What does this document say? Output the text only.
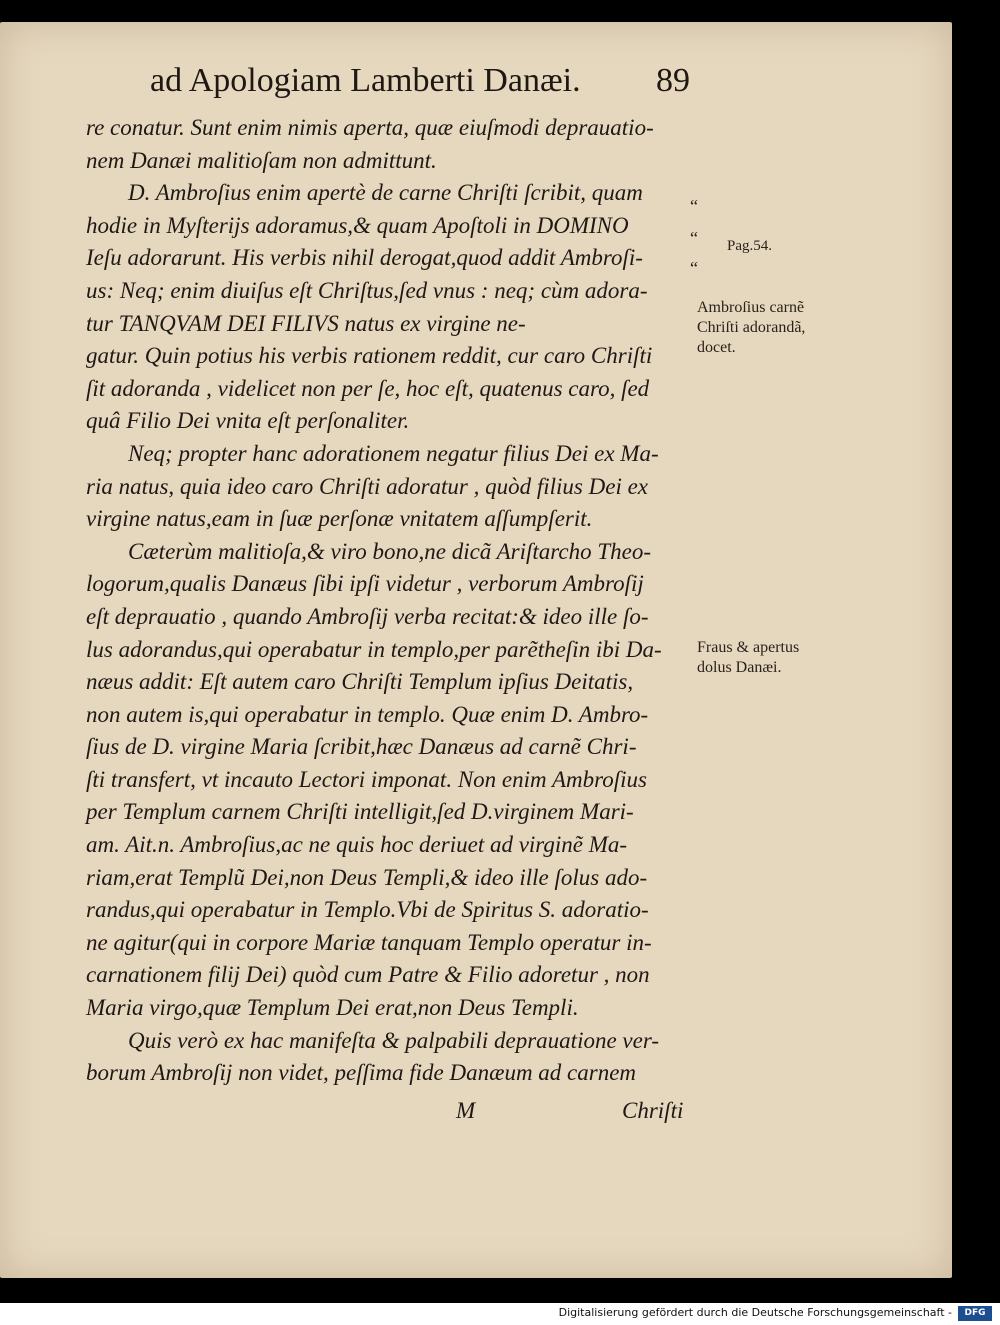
ad Apologiam Lamberti Danæi. 89

re conatur. Sunt enim nimis aperta, quæ eiuſmodi deprauatio-

nem Danæi malitioſam non admittunt.

D. Ambroſius enim apertè de carne Chriſti ſcribit, quam

hodie in Myſterijs adoramus,& quam Apoſtoli in DOMINO

Ieſu adorarunt. His verbis nihil derogat,quod addit Ambroſi-

us: Neq; enim diuiſus eſt Chriſtus,ſed vnus : neq; cùm adora-

tur TANQVAM DEI FILIVS natus ex virgine ne-

gatur. Quin potius his verbis rationem reddit, cur caro Chriſti

ſit adoranda , videlicet non per ſe, hoc eſt, quatenus caro, ſed

quâ Filio Dei vnita eſt perſonaliter.

Neq; propter hanc adorationem negatur filius Dei ex Ma-

ria natus, quia ideo caro Chriſti adoratur , quòd filius Dei ex

virgine natus,eam in ſuæ perſonæ vnitatem aſſumpſerit.

Cæterùm malitioſa,& viro bono,ne dicã Ariſtarcho Theo-

logorum,qualis Danæus ſibi ipſi videtur , verborum Ambroſij

eſt deprauatio , quando Ambroſij verba recitat:& ideo ille ſo-

lus adorandus,qui operabatur in templo,per parẽtheſin ibi Da-

næus addit: Eſt autem caro Chriſti Templum ipſius Deitatis,

non autem is,qui operabatur in templo. Quæ enim D. Ambro-

ſius de D. virgine Maria ſcribit,hæc Danæus ad carnẽ Chri-

ſti transfert, vt incauto Lectori imponat. Non enim Ambroſius

per Templum carnem Chriſti intelligit,ſed D.virginem Mari-

am. Ait.n. Ambroſius,ac ne quis hoc deriuet ad virginẽ Ma-

riam,erat Templũ Dei,non Deus Templi,& ideo ille ſolus ado-

randus,qui operabatur in Templo.Vbi de Spiritus S. adoratio-

ne agitur(qui in corpore Mariæ tanquam Templo operatur in-

carnationem filij Dei) quòd cum Patre & Filio adoretur , non

Maria virgo,quæ Templum Dei erat,non Deus Templi.

Quis verò ex hac manifeſta & palpabili deprauatione ver-

borum Ambroſij non videt, peſſima fide Danæum ad carnem

“
“
“
Pag.54.
Ambroſius carnẽ
Chriſti adorandã,
docet.
Fraus & apertus
dolus Danæi.
M	Chriſti
Digitalisierung gefördert durch die Deutsche Forschungsgemeinschaft -	DFG
